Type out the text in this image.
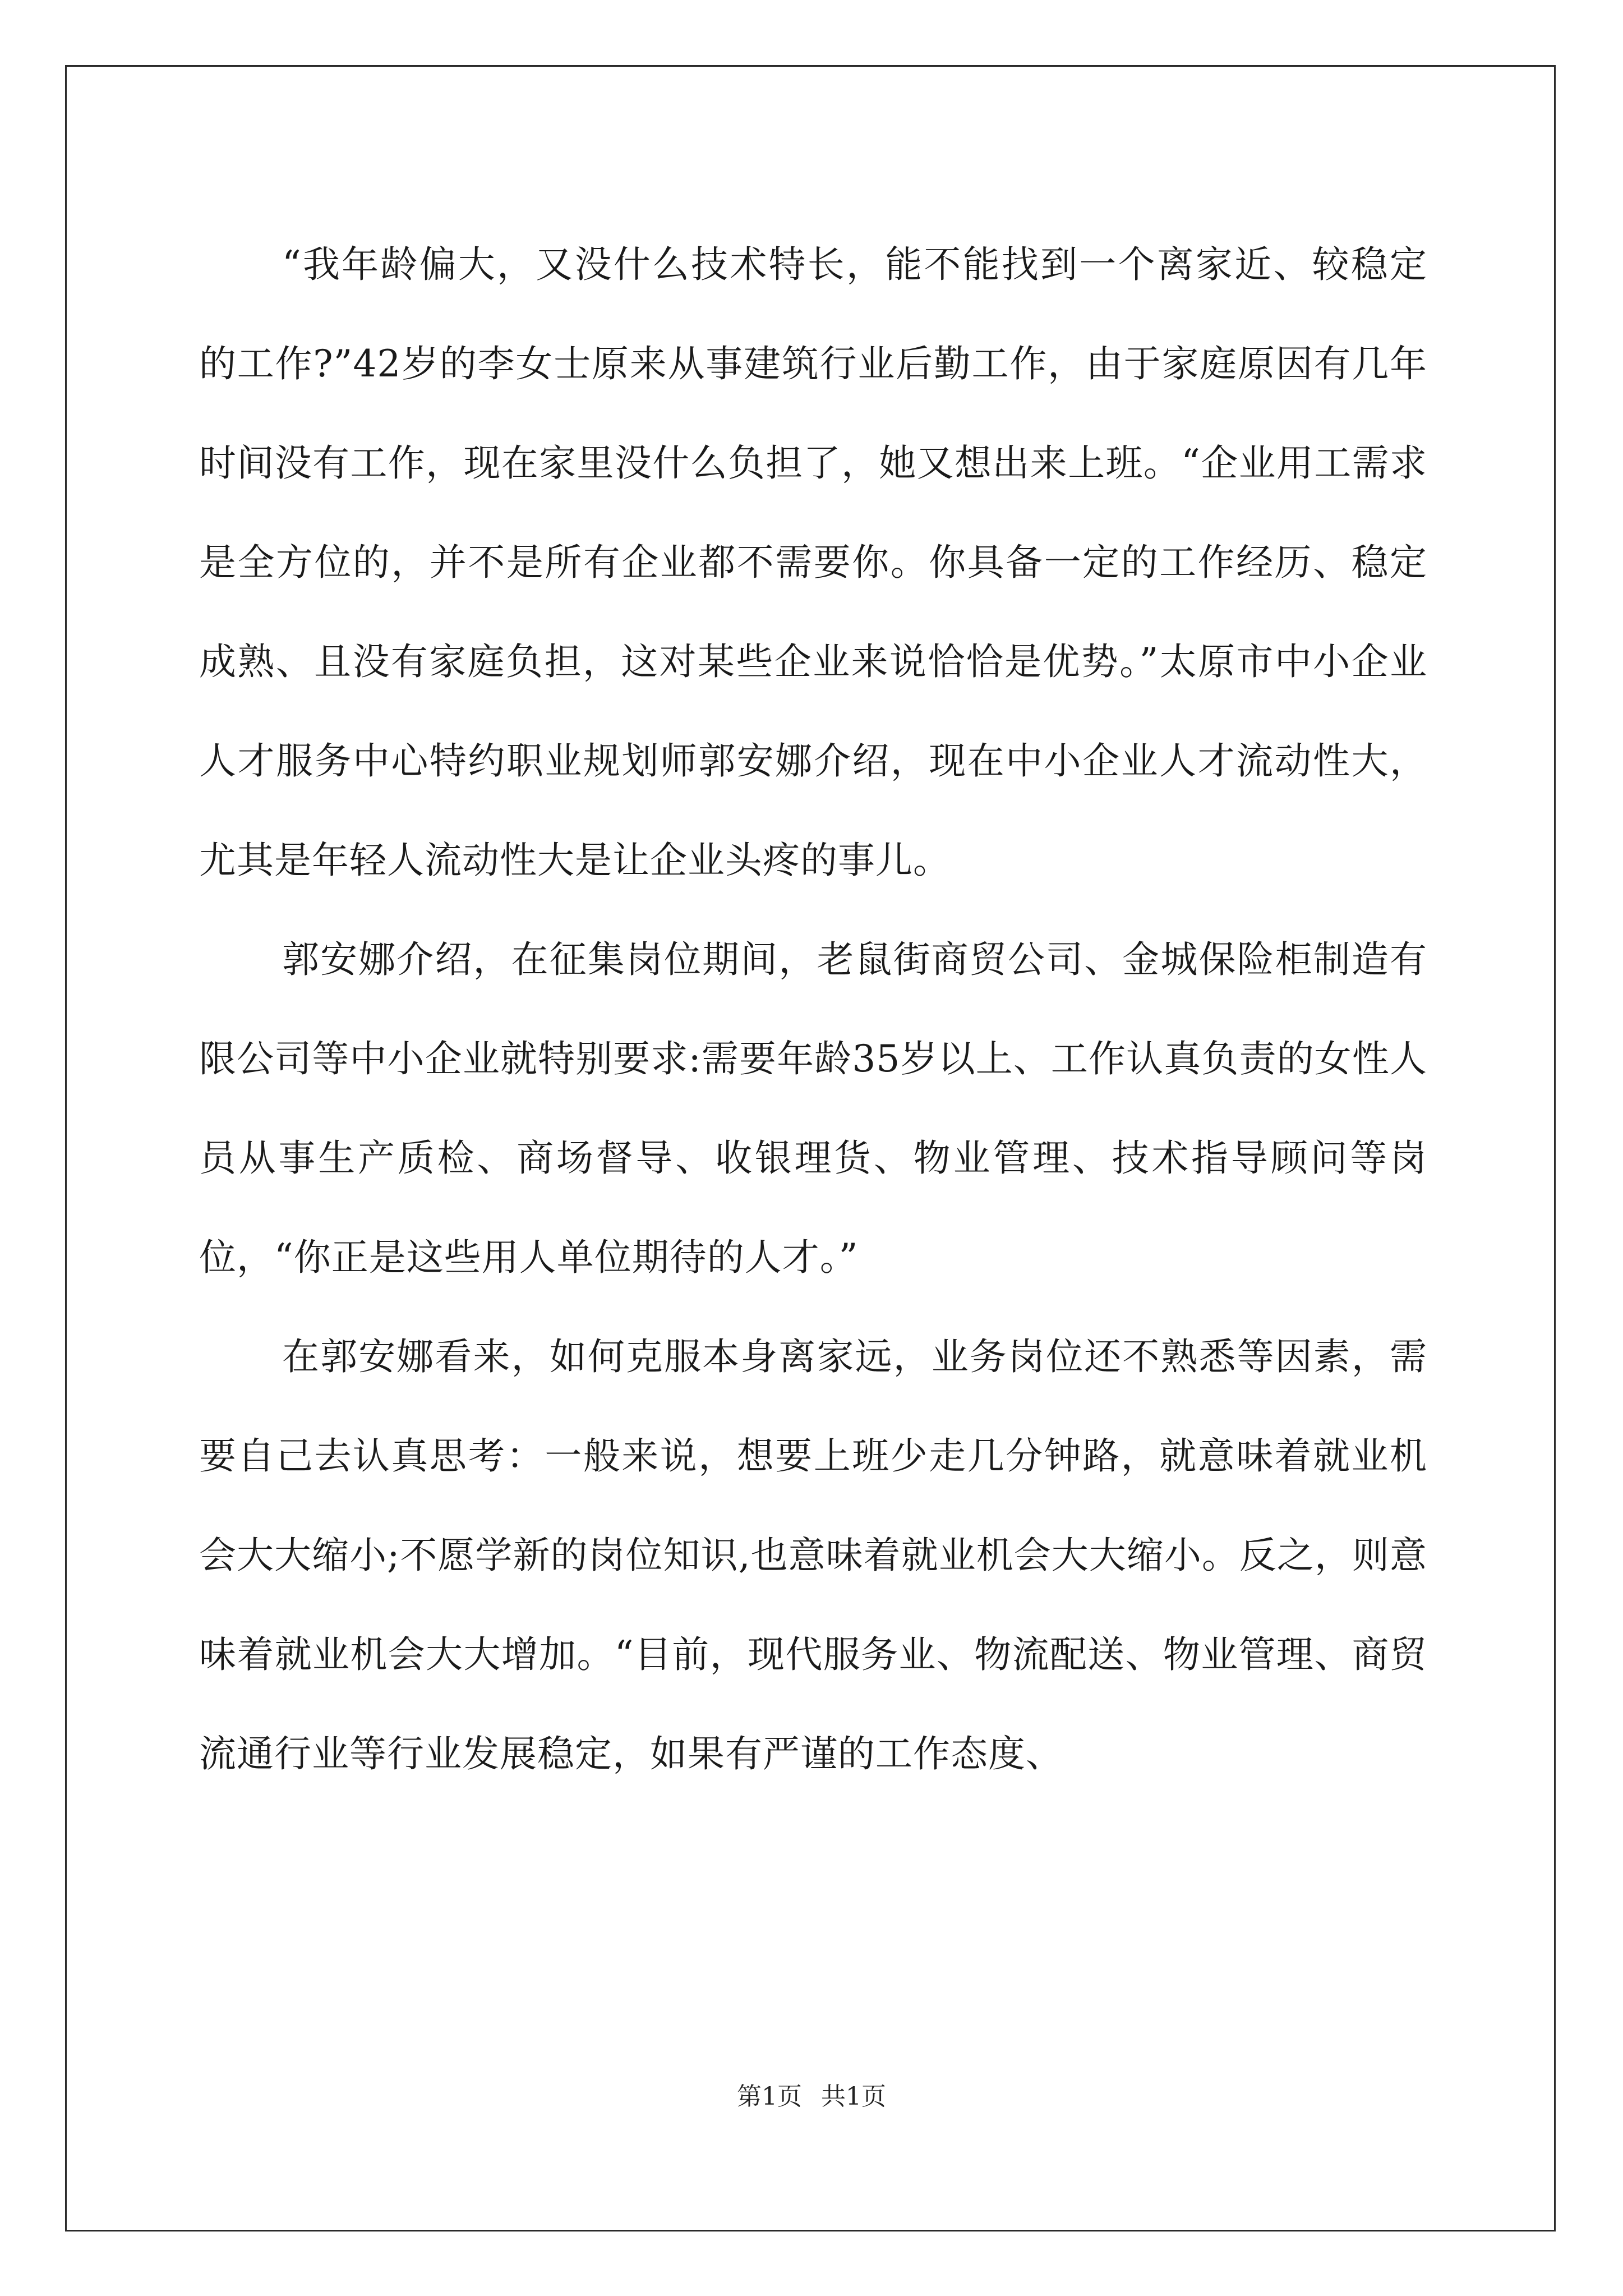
“我年龄偏大，又没什么技术特长，能不能找到一个离家近、较稳定的工作?”42岁的李女士原来从事建筑行业后勤工作，由于家庭原因有几年时间没有工作，现在家里没什么负担了，她又想出来上班。“企业用工需求是全方位的，并不是所有企业都不需要你。你具备一定的工作经历、稳定成熟、且没有家庭负担，这对某些企业来说恰恰是优势。”太原市中小企业人才服务中心特约职业规划师郭安娜介绍，现在中小企业人才流动性大，尤其是年轻人流动性大是让企业头疼的事儿。

郭安娜介绍，在征集岗位期间，老鼠街商贸公司、金城保险柜制造有限公司等中小企业就特别要求:需要年龄35岁以上、工作认真负责的女性人员从事生产质检、商场督导、收银理货、物业管理、技术指导顾问等岗位，“你正是这些用人单位期待的人才。”

在郭安娜看来，如何克服本身离家远，业务岗位还不熟悉等因素，需要自己去认真思考：一般来说，想要上班少走几分钟路，就意味着就业机会大大缩小;不愿学新的岗位知识,也意味着就业机会大大缩小。反之，则意味着就业机会大大增加。“目前，现代服务业、物流配送、物业管理、商贸流通行业等行业发展稳定，如果有严谨的工作态度、

第1页 共1页
